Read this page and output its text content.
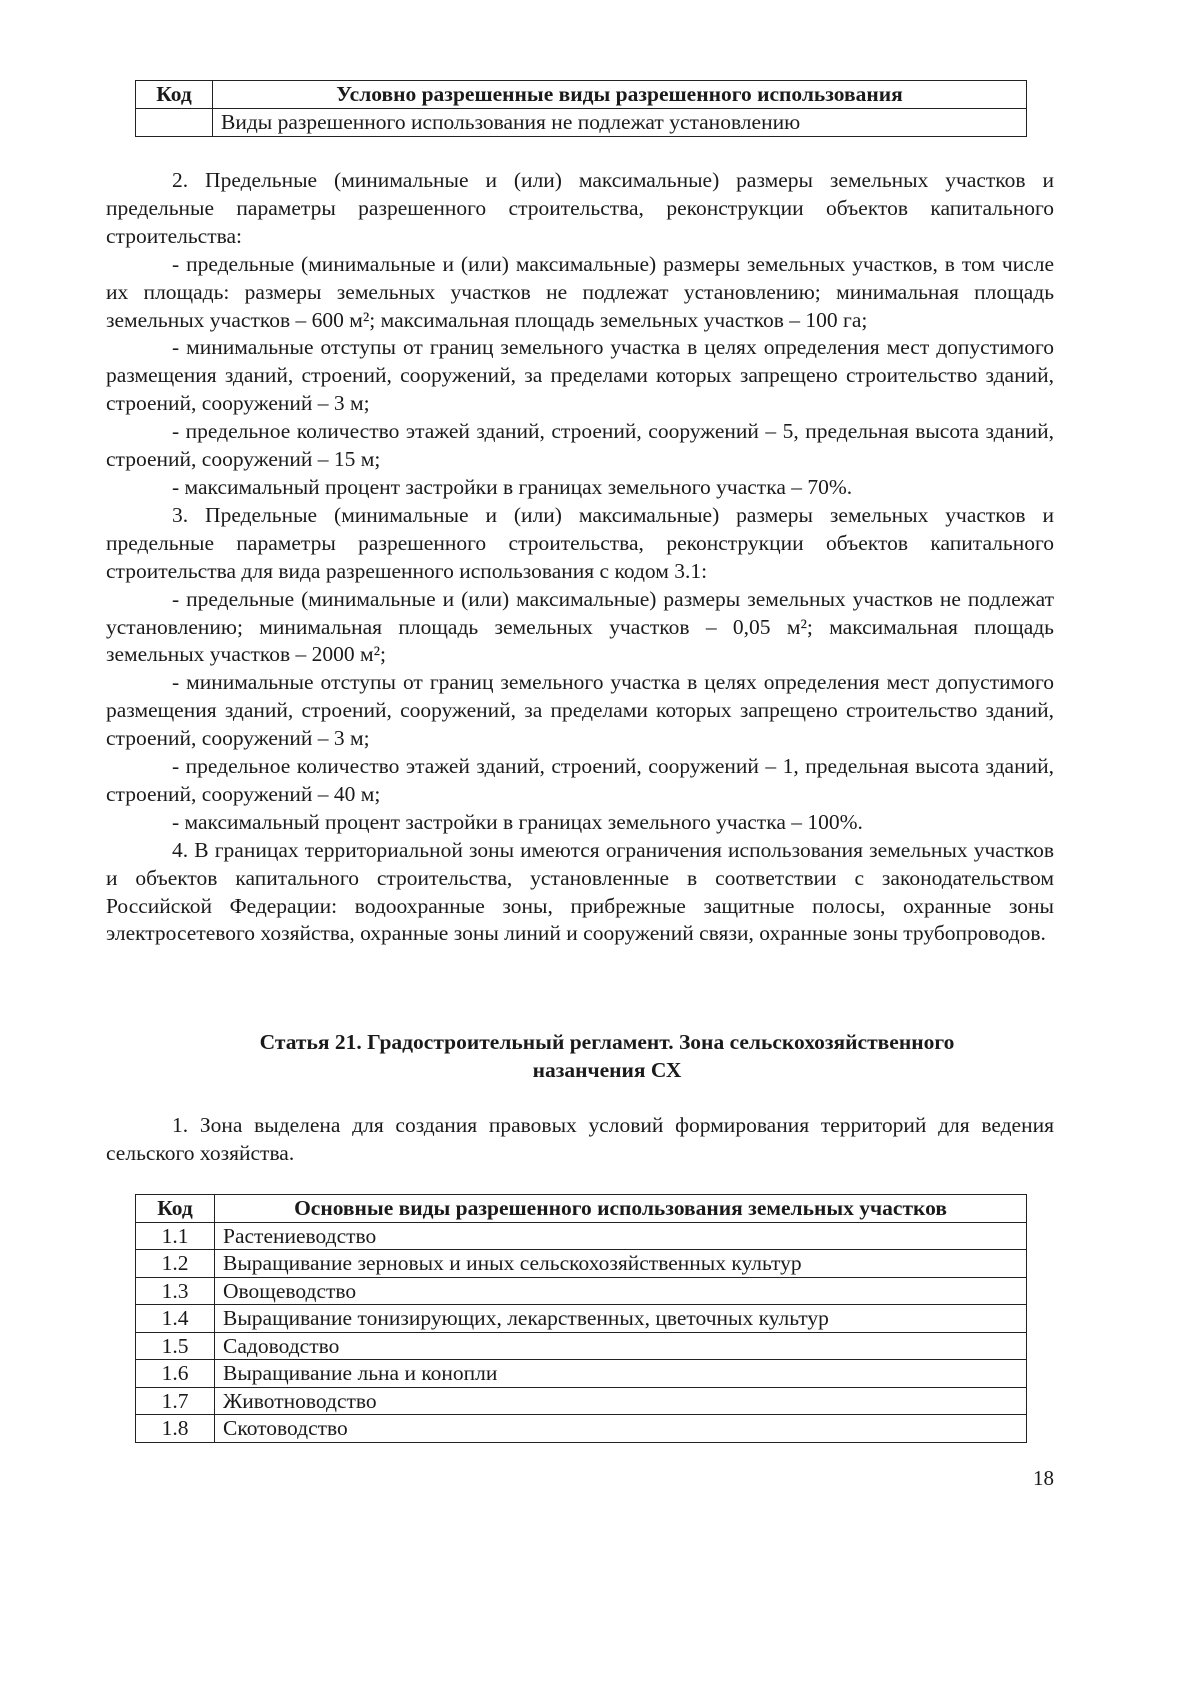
Код	Условно разрешенные виды разрешенного использования
	Виды разрешенного использования не подлежат установлению

2. Предельные (минимальные и (или) максимальные) размеры земельных участков и предельные параметры разрешенного строительства, реконструкции объектов капитального строительства:

- предельные (минимальные и (или) максимальные) размеры земельных участков, в том числе их площадь: размеры земельных участков не подлежат установлению; минимальная площадь земельных участков – 600 м²; максимальная площадь земельных участков – 100 га;

- минимальные отступы от границ земельного участка в целях определения мест допустимого размещения зданий, строений, сооружений, за пределами которых запрещено строительство зданий, строений, сооружений – 3 м;

- предельное количество этажей зданий, строений, сооружений – 5, предельная высота зданий, строений, сооружений – 15 м;

- максимальный процент застройки в границах земельного участка – 70%.

3. Предельные (минимальные и (или) максимальные) размеры земельных участков и предельные параметры разрешенного строительства, реконструкции объектов капитального строительства для вида разрешенного использования с кодом 3.1:

- предельные (минимальные и (или) максимальные) размеры земельных участков не подлежат установлению; минимальная площадь земельных участков – 0,05 м²; максимальная площадь земельных участков – 2000 м²;

- минимальные отступы от границ земельного участка в целях определения мест допустимого размещения зданий, строений, сооружений, за пределами которых запрещено строительство зданий, строений, сооружений – 3 м;

- предельное количество этажей зданий, строений, сооружений – 1, предельная высота зданий, строений, сооружений – 40 м;

- максимальный процент застройки в границах земельного участка – 100%.

4. В границах территориальной зоны имеются ограничения использования земельных участков и объектов капитального строительства, установленные в соответствии с законодательством Российской Федерации: водоохранные зоны, прибрежные защитные полосы, охранные зоны электросетевого хозяйства, охранные зоны линий и сооружений связи, охранные зоны трубопроводов.

Статья 21. Градостроительный регламент. Зона сельскохозяйственного
назанчения СХ

1. Зона выделена для создания правовых условий формирования территорий для ведения сельского хозяйства.

Код	Основные виды разрешенного использования земельных участков
1.1	Растениеводство
1.2	Выращивание зерновых и иных сельскохозяйственных культур
1.3	Овощеводство
1.4	Выращивание тонизирующих, лекарственных, цветочных культур
1.5	Садоводство
1.6	Выращивание льна и конопли
1.7	Животноводство
1.8	Скотоводство
18
